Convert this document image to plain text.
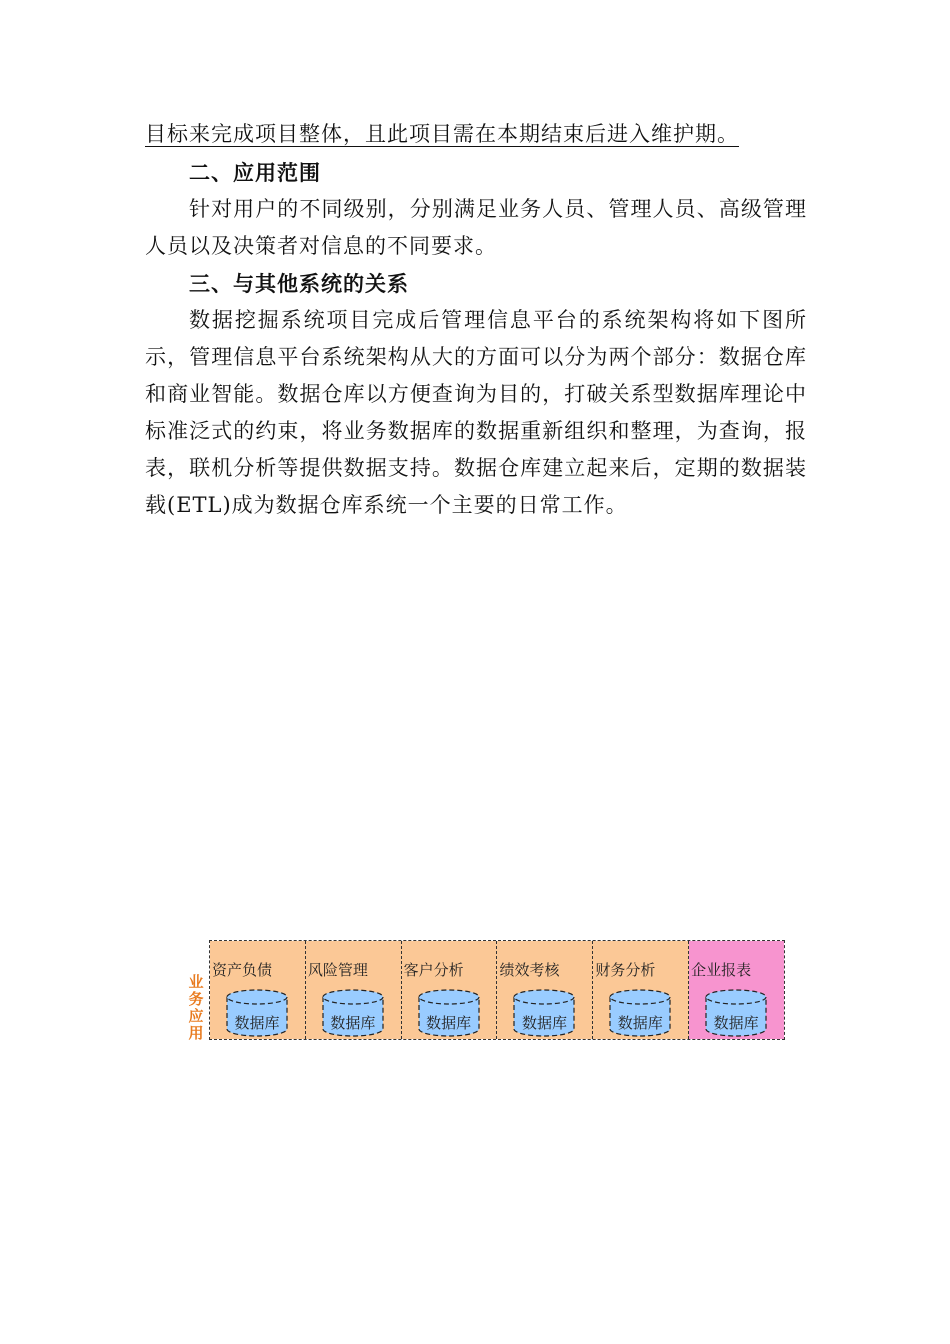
目标来完成项目整体，且此项目需在本期结束后进入维护期。
二、应用范围
针对用户的不同级别，分别满足业务人员、管理人员、高级管理
人员以及决策者对信息的不同要求。
三、与其他系统的关系
数据挖掘系统项目完成后管理信息平台的系统架构将如下图所
示，管理信息平台系统架构从大的方面可以分为两个部分：数据仓库
和商业智能。数据仓库以方便查询为目的，打破关系型数据库理论中
标准泛式的约束，将业务数据库的数据重新组织和整理，为查询，报
表，联机分析等提供数据支持。数据仓库建立起来后，定期的数据装
载(ETL)成为数据仓库系统一个主要的日常工作。
业
务
应
用
资产负债
数据库
风险管理
数据库
客户分析
数据库
绩效考核
数据库
财务分析
数据库
企业报表
数据库
